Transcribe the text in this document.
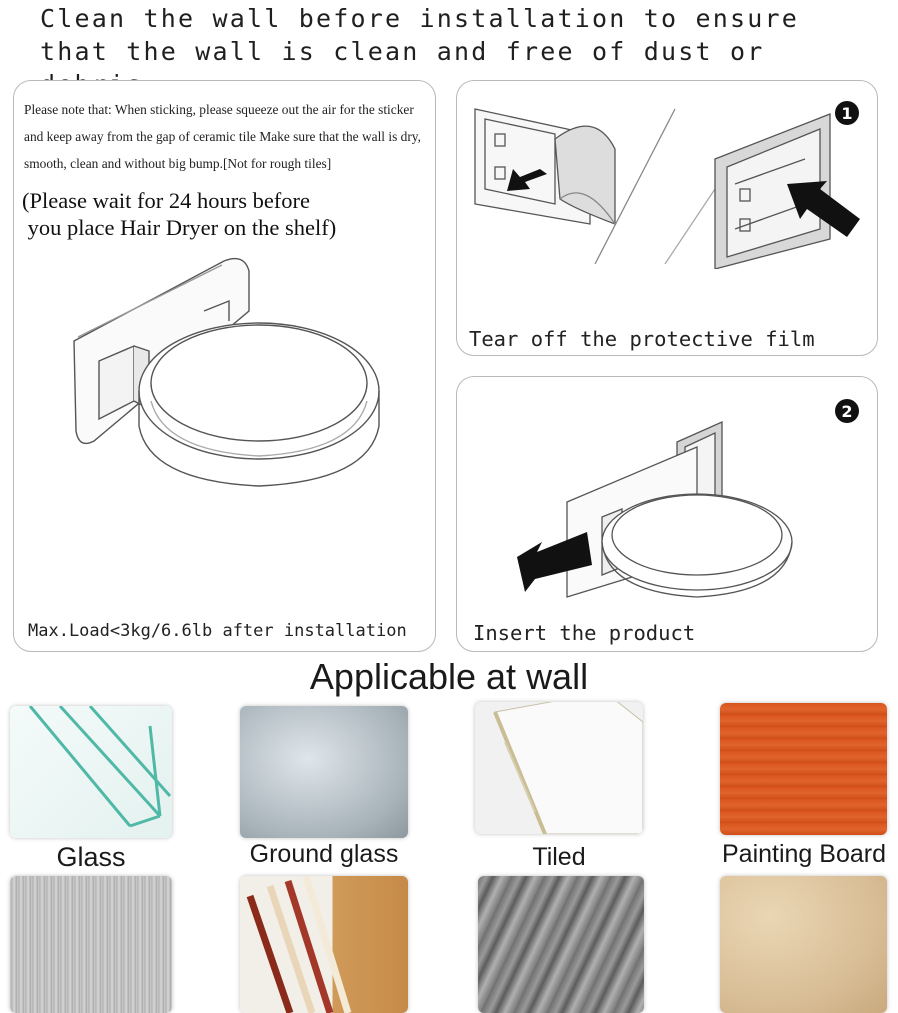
Clean the wall before installation to ensure
that the wall is clean and free of dust or
Please note that: When sticking, please squeeze out the air for the sticker
and keep away from the gap of ceramic tile Make sure that the wall is dry,
smooth, clean and without big bump.[Not for rough tiles]
(Please wait for 24 hours before
you place Hair Dryer on the shelf)
Max.Load<3kg/6.6lb after installation
1

Tear off the protective film

2
Insert the product
Applicable at wall
Glass	Ground glass	Tiled	Painting Board
